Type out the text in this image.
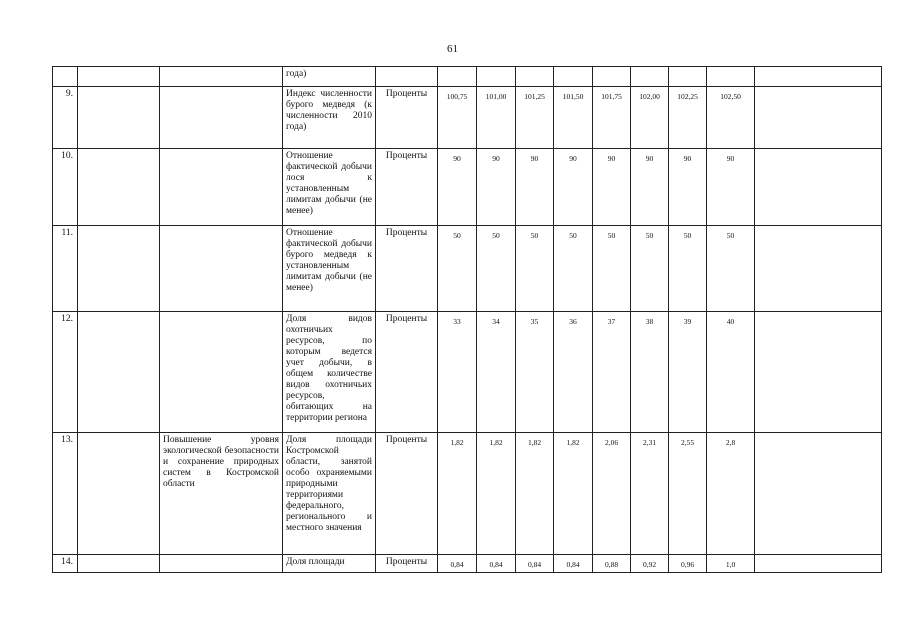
61
			года)										
9.			Индекс численности бурого медведя (к численности 2010 года)	Проценты	100,75	101,00	101,25	101,50	101,75	102,00	102,25	102,50	
10.			Отношение фактической добычи лося к установленным лимитам добычи (не менее)	Проценты	90	90	90	90	90	90	90	90	
11.			Отношение фактической добычи бурого медведя к установленным лимитам добычи (не менее)	Проценты	50	50	50	50	50	50	50	50	
12.			Доля видов охотничьих ресурсов, по которым ведется учет добычи, в общем количестве видов охотничьих ресурсов, обитающих на территории региона	Проценты	33	34	35	36	37	38	39	40	
13.		Повышение уровня экологической безопасности и сохранение природных систем в Костромской области	Доля площади Костромской области, занятой особо охраняемыми природными территориями федерального, регионального и местного значения	Проценты	1,82	1,82	1,82	1,82	2,06	2,31	2,55	2,8	
14.			Доля площади	Проценты	0,84	0,84	0,84	0,84	0,88	0,92	0,96	1,0	
